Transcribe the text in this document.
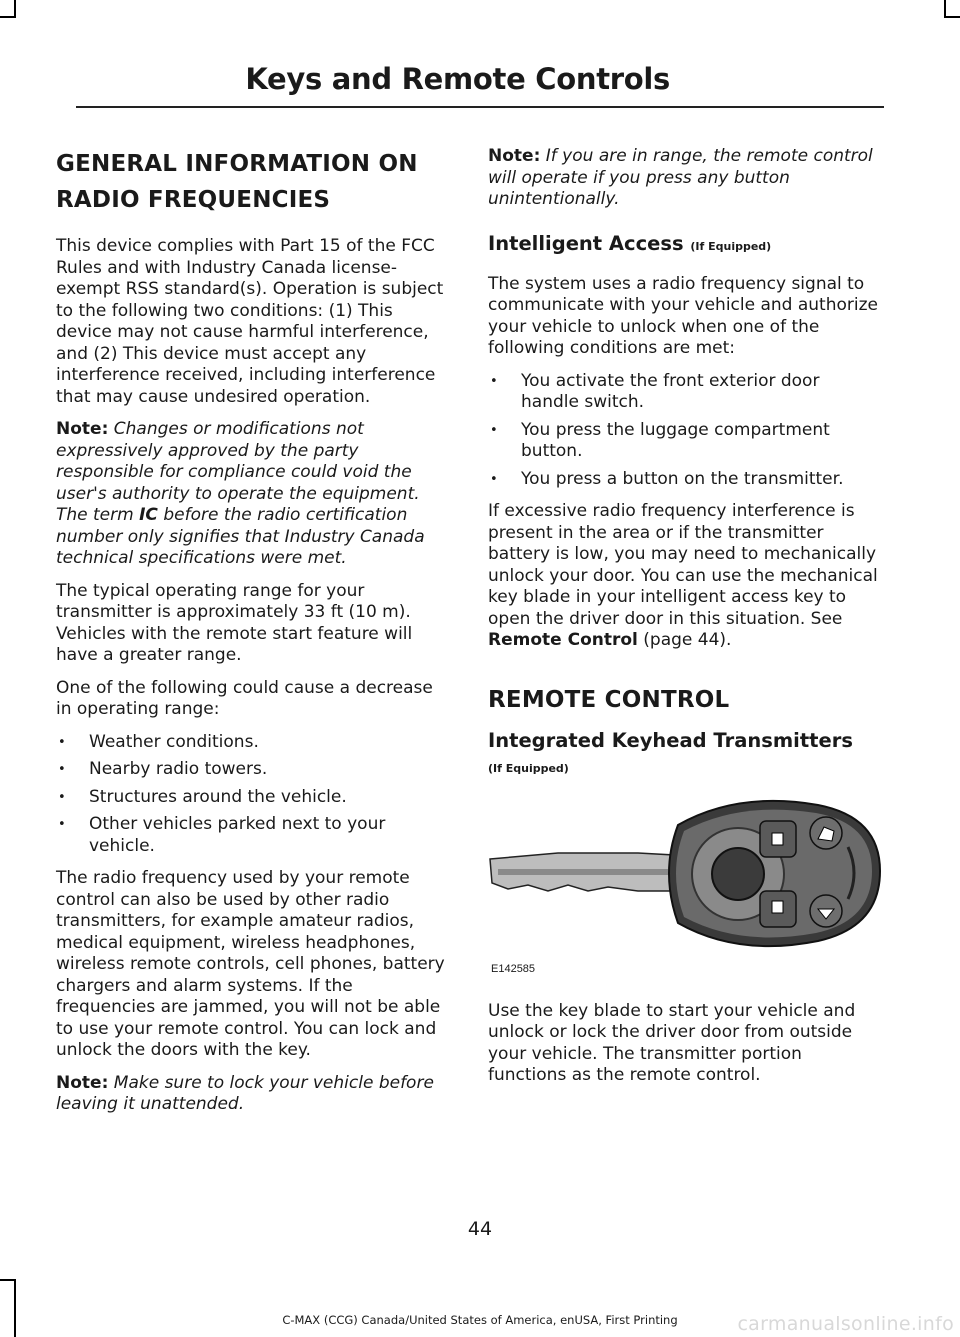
Keys and Remote Controls
GENERAL INFORMATION ON
RADIO FREQUENCIES

This device complies with Part 15 of the FCC Rules and with Industry Canada license-exempt RSS standard(s). Operation is subject to the following two conditions: (1) This device may not cause harmful interference, and (2) This device must accept any interference received, including interference that may cause undesired operation.

Note: Changes or modifications not expressively approved by the party responsible for compliance could void the user's authority to operate the equipment. The term IC before the radio certification number only signifies that Industry Canada technical specifications were met.

The typical operating range for your transmitter is approximately 33 ft (10 m). Vehicles with the remote start feature will have a greater range.

One of the following could cause a decrease in operating range:

• Weather conditions.
• Nearby radio towers.
• Structures around the vehicle.
• Other vehicles parked next to your vehicle.

The radio frequency used by your remote control can also be used by other radio transmitters, for example amateur radios, medical equipment, wireless headphones, wireless remote controls, cell phones, battery chargers and alarm systems. If the frequencies are jammed, you will not be able to use your remote control. You can lock and unlock the doors with the key.

Note: Make sure to lock your vehicle before leaving it unattended.

Note: If you are in range, the remote control will operate if you press any button unintentionally.

Intelligent Access (If Equipped)

The system uses a radio frequency signal to communicate with your vehicle and authorize your vehicle to unlock when one of the following conditions are met:

• You activate the front exterior door handle switch.
• You press the luggage compartment button.
• You press a button on the transmitter.

If excessive radio frequency interference is present in the area or if the transmitter battery is low, you may need to mechanically unlock your door. You can use the mechanical key blade in your intelligent access key to open the driver door in this situation. See Remote Control (page 44).

REMOTE CONTROL
Integrated Keyhead Transmitters
(If Equipped)
E142585

Use the key blade to start your vehicle and unlock or lock the driver door from outside your vehicle. The transmitter portion functions as the remote control.

44
C-MAX (CCG) Canada/United States of America, enUSA, First Printing	carmanualsonline.info
